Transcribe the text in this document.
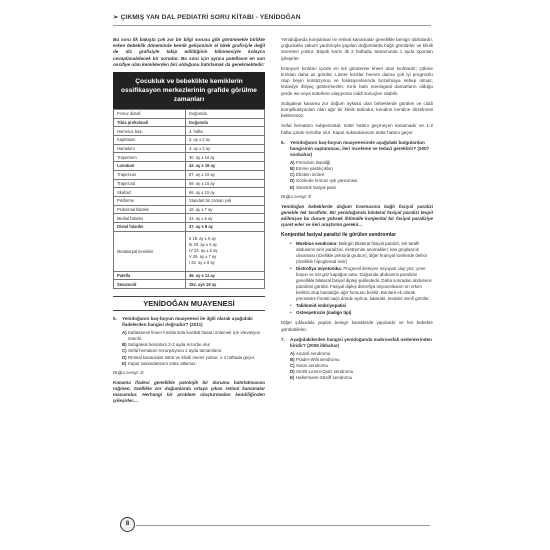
➢ ÇIKMIŞ YAN DAL PEDİATRİ SORU KİTABI - YENİDOĞAN

Bu soru ilk bakışta çok zor bir bilgi sorusu gibi görünmekle birlikte erken bebeklik döneminde kemik gelişiminin el bilek grafisiyle değil de diz grafisiyle takip edildiğinin bilinmesiyle kolayca cevaplanabilecek bir sorudur. Bu soru için ayrıca patellanın en son ossifiye olan kemiklerden biri olduğunu hatırlamak da gerekmektedir:

Çocukluk ve bebeklikte kemiklerin ossifikasyon merkezlerinin grafide görülme zamanları
Femur distali	Doğumda
Tibia proksimali	Doğumda
Humerus başı	3. hafta
Kapitatum	2. ay ± 2 ay
Hamatum	3. ay ± 2 ay
Triquetrum	30. ay ± 16 ay
Lunatum	42. ay ± 19 ay
Trapezium	67. ay ± 19 ay
Trapezoid	69. ay ± 15 ay
Skafoid	66. ay ± 15 ay
Pisiforme	Standart bir zaman yok
Proksimal falanks	16. ay ± 7 ay
Medial falanks	24. ay ± 6 ay
Distal falanks	37. ay ± 8 ay
Metakarpal kemikler	II 18. ay ± 5 ay
III 20. ay ± 5 ay
IV 23. ay ± 6 ay
V 26. ay ± 7 ay
I 32. ay ± 9 ay

Patella	46. ay ± 11 ay
Sesamoid	152. ay± 18 ay
YENİDOĞAN MUAYENESİ
5.	Yenidoğanın baş-boyun muayenesi ile ilgili olarak aşağıdaki ifadelerden hangisi doğrudur? (2011)
A) Kafatasının lineer kırıklarında kortikal hasarı önlemek için elevasyon önerilir.
B) Subgaleal hematom 2-3 ayda rezorbe olur.
C) Sefal hematom rezorpsiyonu 1 ayda tamamlanır.
D) Retinal kanamalar sütür ve klinik önemi yoktur, 1-2 haftada geçer.
E) Kaput suksedaneum sütür atlamaz.
Doğru cevap: D

Kanama ifadesi genellikle patolojik bir durumu hatırlatmasına rağmen, özellikle zor doğumlarda ortaya çıkan retinal kanamalar masumdur. Herhangi bir problem oluşturmadan kendiliğinden iyileşirler....

Yenidoğanda konjuktival ve retinal kanamalar genellikle benign tablolardır, çoğunlukla vakum yardımıyla yapılan doğumlarda bağlı görülürler ve klinik önemleri yoktur. Büyük kısmı ilk 2 haftada, tamamında 1 ayda spontan iyileşirler.

Kranyum kırıkları içinde en sık görülenler lineer olan kırıklardır; çökme kırıkları daha az görülür. Lineer kırıklar hemen daima çok iyi prognozlu olup beyin kontüzyonu ve fonksiyonlarında bozulmaya sebep olmaz, tedaviye ihtiyaç göstermezler. Kırık hattı meningeal damarların olduğu yerde ise veya sütürlere ulaşıyorsa ciddi sonuçları olabilir.

Subgaleal kanama zor doğum öyküsü olan bebeklerde görülen ve ciddi komplikasyonları olan ağır bir klinik tablodur, kendine kendine düzelmesi beklenmez.

Sefal hematom subperiostal, sütür hattını geçmeyen kanamadır ve 1-2 hafta içinde rezorbe olur. Kaput suksedaneum sütür hattını geçer.

6.	Yenidoğanın baş-boyun muayenesinde aşağıdaki bulgulardan hangisinin saptanması, ileri inceleme ve tedavi gerektirir? (2007 sonbahar)
A) Frenulum lisealiği
B) Emme yastıkçıkları
C) Ebstein incileri
D) Gözlerde kırmızı ışık yansıması
E) Simetrik fasiyal palsi
Doğru cevap: E

Yenidoğan bebeklerde doğum travmasına bağlı fasiyal paralizi genelde tek taraflıdır. Bir yenidoğanda bilateral fasiyal paralizi tespit edilmişse bu durum yüksek ihtimalle konjenital bir fasiyal paraliziye işaret eder ve ileri araştırma gerekir...

Konjenital fasiyal paralizi ile görülen sendromlar
•	Moebius sendromu: Belirgin bilateral fasiyal paralizi, tek taraflı abdusens sinir paralizisi, ekstremite anomalileri, kas gruplarının olmaması (özellikle pektoral grubun), diğer kraniyal sinirlerde defisit (özellikle hipoglossal sinir)
•	Distrofiya miyotonika: Progresif ilerleyen miyopati olup yüz, çene boyun ve üst göz kapağını tutar. Doğumda abdusens paralizisi genellikle bilateral fasiyal dipleji şeklindedir. Daha sonradan abdusens paralizisi görülür. Fasiyal dipleji distrofiya miyotonikanın en erken belirtisi olup hastalığın ağır formunu belirtir. Bunlara ek olarak prematüre frontal saçlı dönde açılma, katarakt, testisler atrofi görülür.
•	Talidomid embriyopatisi
•	Osteopetrozis (malign tipi)

Diğer şıklardaki yapılar benign karakterde yapılardır ve her bebekte görülebilirler.

7.	Aşağıdakilerden hangisi yenidoğanda makrosefali nedenlerinden biridir? (2009 ilkbahar)
A) Aicardi sendromu
B) Prader-Willi sendromu
C) Sotos sendromu
D) Smith-Lemni-Opitz sendromu
E) Hallermann-Streiff sendromu
8
